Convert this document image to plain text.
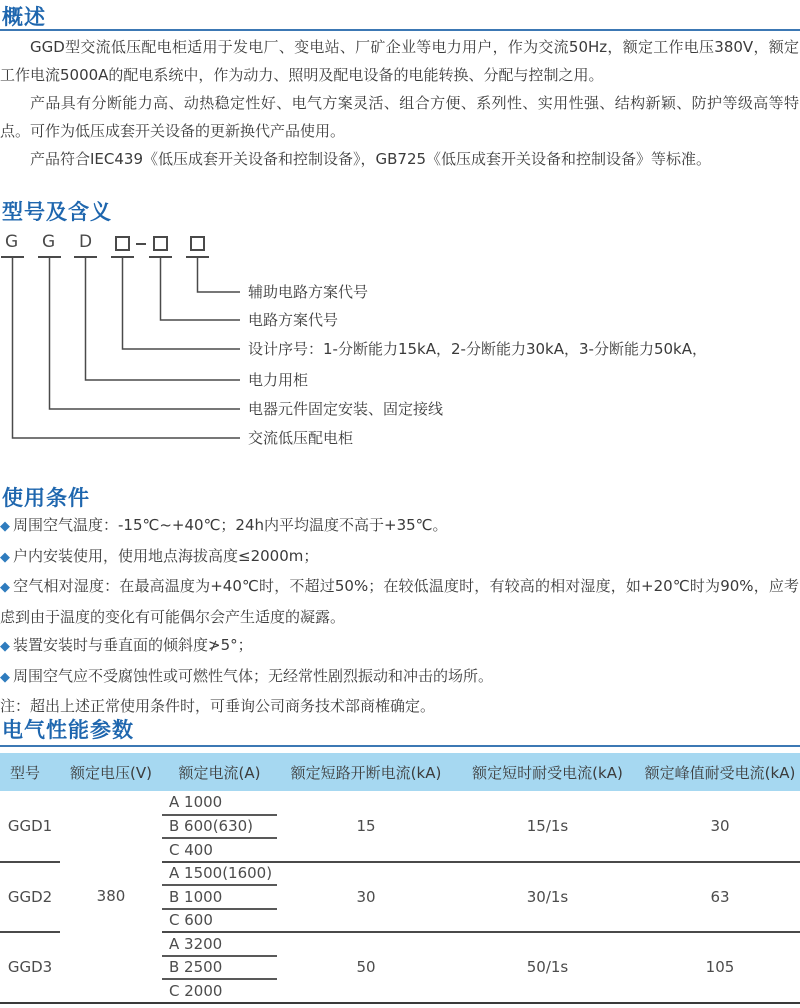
概述

GGD型交流低压配电柜适用于发电厂、变电站、厂矿企业等电力用户，作为交流50Hz，额定工作电压380V，额定工作电流5000A的配电系统中，作为动力、照明及配电设备的电能转换、分配与控制之用。

产品具有分断能力高、动热稳定性好、电气方案灵活、组合方便、系列性、实用性强、结构新颖、防护等级高等特点。可作为低压成套开关设备的更新换代产品使用。

产品符合IEC439《低压成套开关设备和控制设备》，GB725《低压成套开关设备和控制设备》等标准。

型号及含义
G G D
辅助电路方案代号
电路方案代号
设计序号：1-分断能力15kA，2-分断能力30kA，3-分断能力50kA，
电力用柜
电器元件固定安装、固定接线
交流低压配电柜
使用条件

◆ 周围空气温度：-15℃~+40℃；24h内平均温度不高于+35℃。

◆ 户内安装使用，使用地点海拔高度≤2000m；

◆ 空气相对湿度：在最高温度为+40℃时，不超过50%；在较低温度时，有较高的相对湿度，如+20℃时为90%，应考虑到由于温度的变化有可能偶尔会产生适度的凝露。

◆ 装置安装时与垂直面的倾斜度≯5°；

◆ 周围空气应不受腐蚀性或可燃性气体；无经常性剧烈振动和冲击的场所。

注：超出上述正常使用条件时，可垂询公司商务技术部商榷确定。

电气性能参数
型号	额定电压(V)	额定电流(A)	额定短路开断电流(kA)	额定短时耐受电流(kA)	额定峰值耐受电流(kA)
GGD1	380	A 1000	15	15/1s	30
		B 600(630)			
		C 400			
GGD2		A 1500(1600)	30	30/1s	63
		B 1000			
		C 600			
GGD3		A 3200	50	50/1s	105
		B 2500			
		C 2000			
